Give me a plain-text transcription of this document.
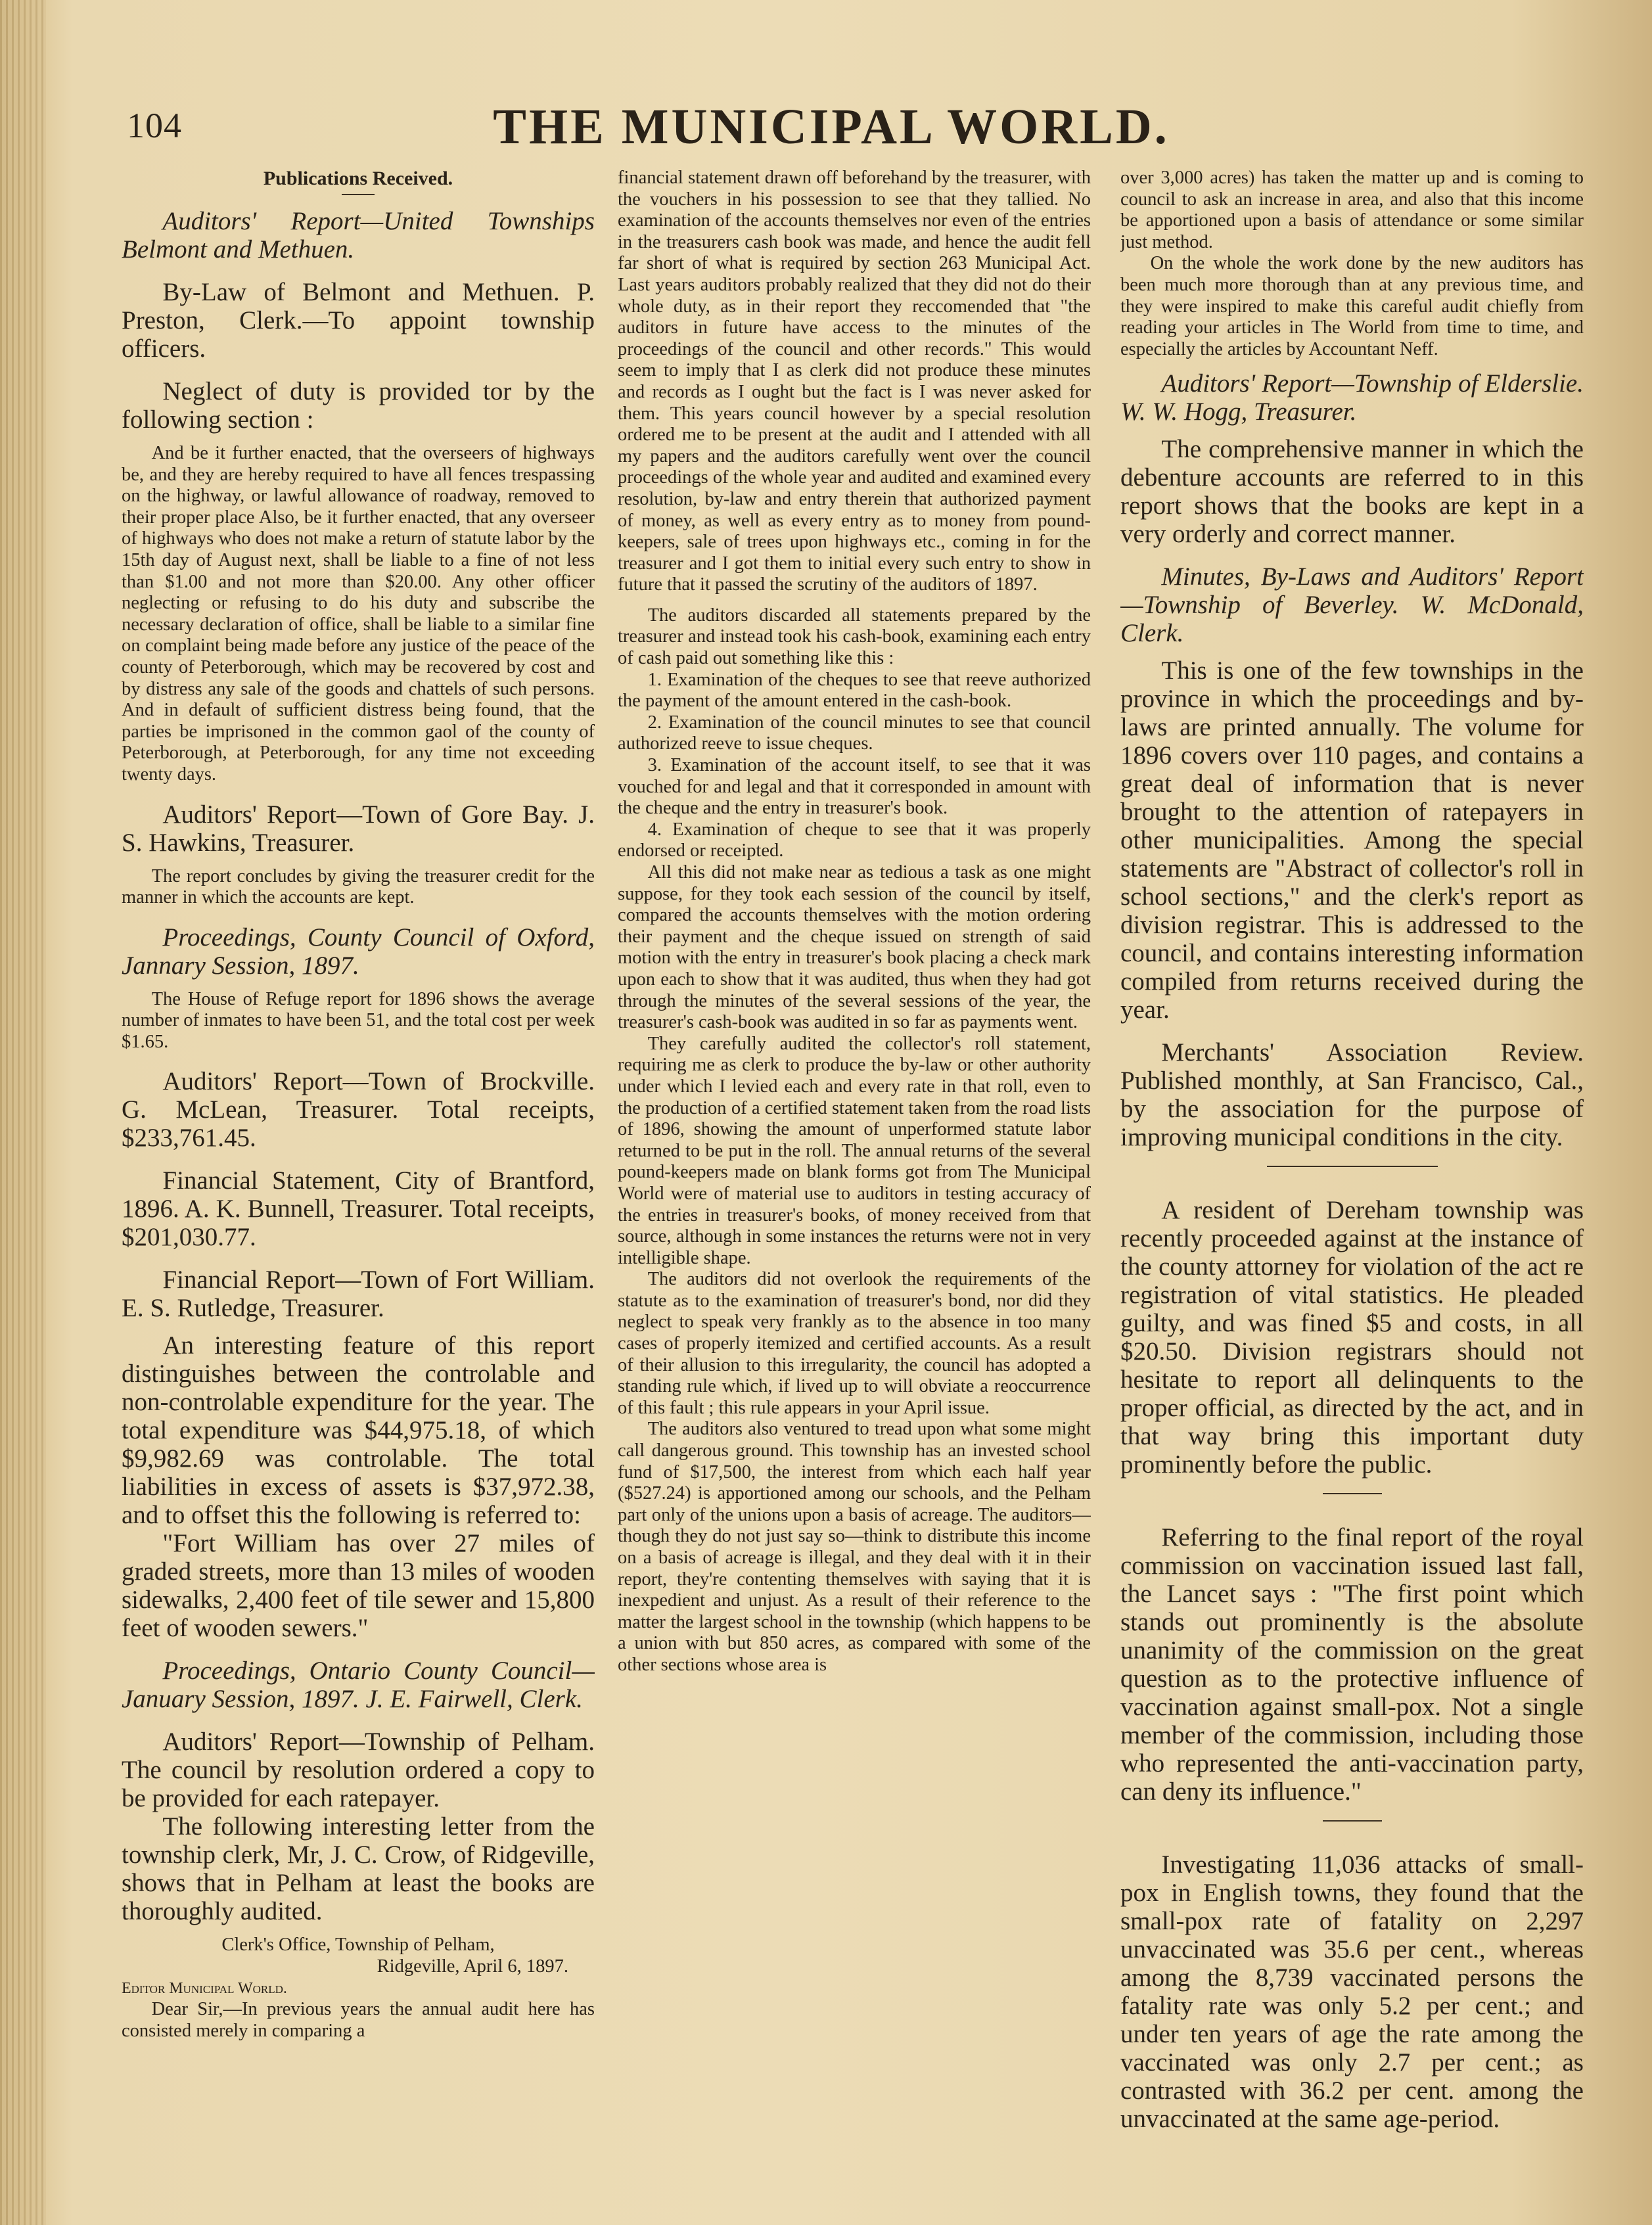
104	THE MUNICIPAL WORLD.

Publications Received.

Auditors' Report—United Townships Belmont and Methuen.

By-Law of Belmont and Methuen. P. Preston, Clerk.—To appoint township officers.

Neglect of duty is provided tor by the following section :

And be it further enacted, that the overseers of highways be, and they are hereby required to have all fences trespassing on the highway, or lawful allowance of roadway, removed to their proper place Also, be it further enacted, that any overseer of highways who does not make a return of statute labor by the 15th day of August next, shall be liable to a fine of not less than $1.00 and not more than $20.00. Any other officer neglecting or refusing to do his duty and subscribe the necessary declaration of office, shall be liable to a similar fine on complaint being made before any justice of the peace of the county of Peterborough, which may be recovered by cost and by distress any sale of the goods and chattels of such persons. And in default of sufficient distress being found, that the parties be imprisoned in the common gaol of the county of Peterborough, at Peterborough, for any time not exceeding twenty days.

Auditors' Report—Town of Gore Bay. J. S. Hawkins, Treasurer.

The report concludes by giving the treasurer credit for the manner in which the accounts are kept.

Proceedings, County Council of Oxford, Jannary Session, 1897.

The House of Refuge report for 1896 shows the average number of inmates to have been 51, and the total cost per week $1.65.

Auditors' Report—Town of Brockville. G. McLean, Treasurer. Total receipts, $233,761.45.

Financial Statement, City of Brantford, 1896. A. K. Bunnell, Treasurer. Total receipts, $201,030.77.

Financial Report—Town of Fort William. E. S. Rutledge, Treasurer.

An interesting feature of this report distinguishes between the controlable and non-controlable expenditure for the year. The total expenditure was $44,975.18, of which $9,982.69 was controlable. The total liabilities in excess of assets is $37,972.38, and to offset this the following is referred to:

"Fort William has over 27 miles of graded streets, more than 13 miles of wooden sidewalks, 2,400 feet of tile sewer and 15,800 feet of wooden sewers."

Proceedings, Ontario County Council—January Session, 1897. J. E. Fairwell, Clerk.

Auditors' Report—Township of Pelham. The council by resolution ordered a copy to be provided for each ratepayer.

The following interesting letter from the township clerk, Mr, J. C. Crow, of Ridgeville, shows that in Pelham at least the books are thoroughly audited.

Clerk's Office, Township of Pelham,

Ridgeville, April 6, 1897.

Editor Municipal World.

Dear Sir,—In previous years the annual audit here has consisted merely in comparing a

financial statement drawn off beforehand by the treasurer, with the vouchers in his possession to see that they tallied. No examination of the accounts themselves nor even of the entries in the treasurers cash book was made, and hence the audit fell far short of what is required by section 263 Municipal Act. Last years auditors probably realized that they did not do their whole duty, as in their report they reccomended that "the auditors in future have access to the minutes of the proceedings of the council and other records." This would seem to imply that I as clerk did not produce these minutes and records as I ought but the fact is I was never asked for them. This years council however by a special resolution ordered me to be present at the audit and I attended with all my papers and the auditors carefully went over the council proceedings of the whole year and audited and examined every resolution, by-law and entry therein that authorized payment of money, as well as every entry as to money from pound-keepers, sale of trees upon highways etc., coming in for the treasurer and I got them to initial every such entry to show in future that it passed the scrutiny of the auditors of 1897.

The auditors discarded all statements prepared by the treasurer and instead took his cash-book, examining each entry of cash paid out something like this :

1. Examination of the cheques to see that reeve authorized the payment of the amount entered in the cash-book.

2. Examination of the council minutes to see that council authorized reeve to issue cheques.

3. Examination of the account itself, to see that it was vouched for and legal and that it corresponded in amount with the cheque and the entry in treasurer's book.

4. Examination of cheque to see that it was properly endorsed or receipted.

All this did not make near as tedious a task as one might suppose, for they took each session of the council by itself, compared the accounts themselves with the motion ordering their payment and the cheque issued on strength of said motion with the entry in treasurer's book placing a check mark upon each to show that it was audited, thus when they had got through the minutes of the several sessions of the year, the treasurer's cash-book was audited in so far as payments went.

They carefully audited the collector's roll statement, requiring me as clerk to produce the by-law or other authority under which I levied each and every rate in that roll, even to the production of a certified statement taken from the road lists of 1896, showing the amount of unperformed statute labor returned to be put in the roll. The annual returns of the several pound-keepers made on blank forms got from The Municipal World were of material use to auditors in testing accuracy of the entries in treasurer's books, of money received from that source, although in some instances the returns were not in very intelligible shape.

The auditors did not overlook the requirements of the statute as to the examination of treasurer's bond, nor did they neglect to speak very frankly as to the absence in too many cases of properly itemized and certified accounts. As a result of their allusion to this irregularity, the council has adopted a standing rule which, if lived up to will obviate a reoccurrence of this fault ; this rule appears in your April issue.

The auditors also ventured to tread upon what some might call dangerous ground. This township has an invested school fund of $17,500, the interest from which each half year ($527.24) is apportioned among our schools, and the Pelham part only of the unions upon a basis of acreage. The auditors—though they do not just say so—think to distribute this income on a basis of acreage is illegal, and they deal with it in their report, they're contenting themselves with saying that it is inexpedient and unjust. As a result of their reference to the matter the largest school in the township (which happens to be a union with but 850 acres, as compared with some of the other sections whose area is

over 3,000 acres) has taken the matter up and is coming to council to ask an increase in area, and also that this income be apportioned upon a basis of attendance or some similar just method.

On the whole the work done by the new auditors has been much more thorough than at any previous time, and they were inspired to make this careful audit chiefly from reading your articles in The World from time to time, and especially the articles by Accountant Neff.

Auditors' Report—Township of Elderslie. W. W. Hogg, Treasurer.

The comprehensive manner in which the debenture accounts are referred to in this report shows that the books are kept in a very orderly and correct manner.

Minutes, By-Laws and Auditors' Report—Township of Beverley. W. McDonald, Clerk.

This is one of the few townships in the province in which the proceedings and by-laws are printed annually. The volume for 1896 covers over 110 pages, and contains a great deal of information that is never brought to the attention of ratepayers in other municipalities. Among the special statements are "Abstract of collector's roll in school sections," and the clerk's report as division registrar. This is addressed to the council, and contains interesting information compiled from returns received during the year.

Merchants' Association Review. Published monthly, at San Francisco, Cal., by the association for the purpose of improving municipal conditions in the city.

A resident of Dereham township was recently proceeded against at the instance of the county attorney for violation of the act re registration of vital statistics. He pleaded guilty, and was fined $5 and costs, in all $20.50. Division registrars should not hesitate to report all delinquents to the proper official, as directed by the act, and in that way bring this important duty prominently before the public.

Referring to the final report of the royal commission on vaccination issued last fall, the Lancet says : "The first point which stands out prominently is the absolute unanimity of the commission on the great question as to the protective influence of vaccination against small-pox. Not a single member of the commission, including those who represented the anti-vaccination party, can deny its influence."

Investigating 11,036 attacks of small-pox in English towns, they found that the small-pox rate of fatality on 2,297 unvaccinated was 35.6 per cent., whereas among the 8,739 vaccinated persons the fatality rate was only 5.2 per cent.; and under ten years of age the rate among the vaccinated was only 2.7 per cent.; as contrasted with 36.2 per cent. among the unvaccinated at the same age-period.
